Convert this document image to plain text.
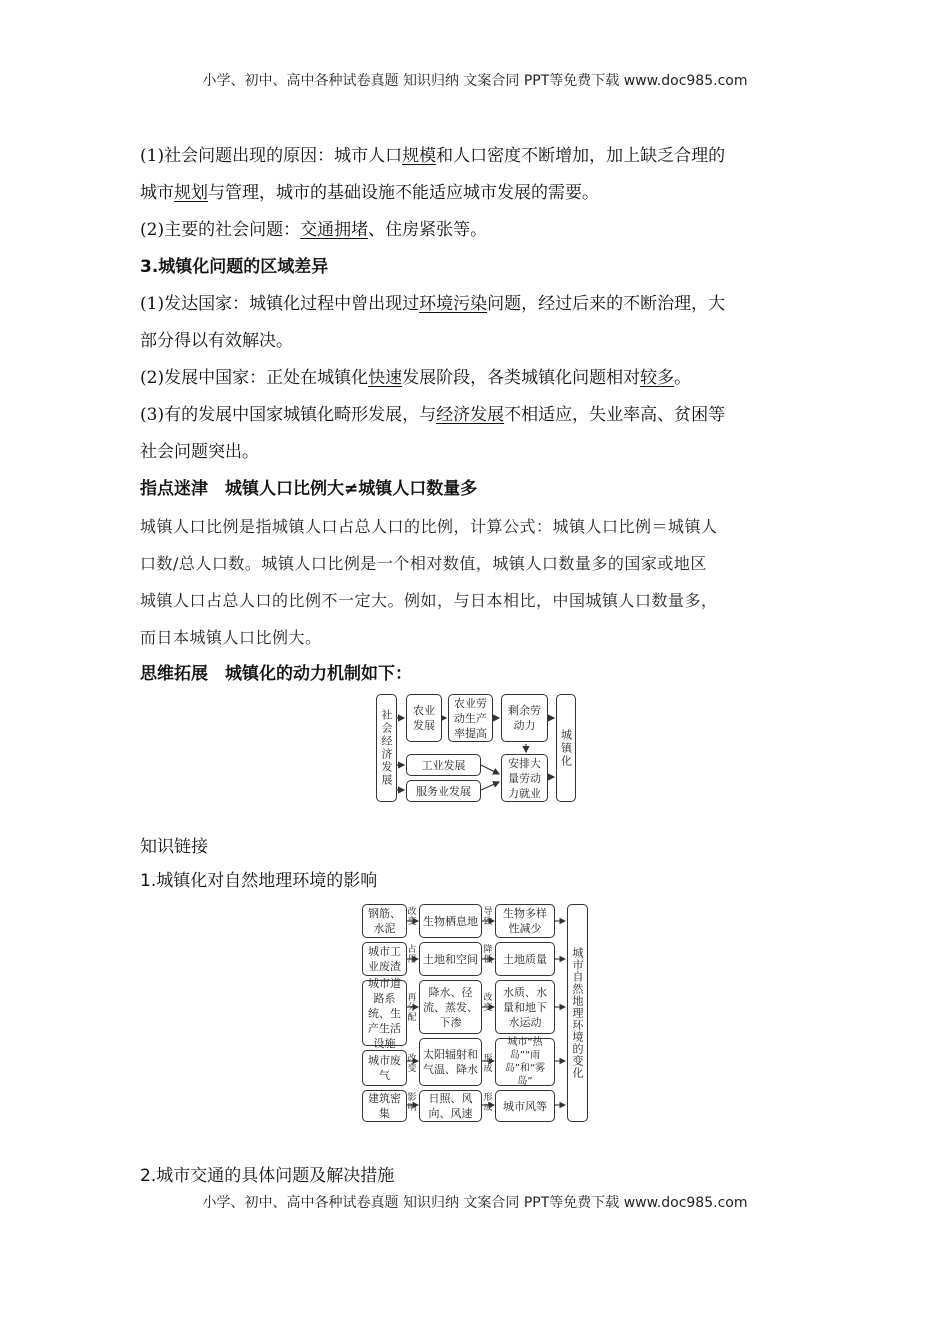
小学、初中、高中各种试卷真题 知识归纳 文案合同 PPT等免费下载 www.doc985.com

(1)社会问题出现的原因：城市人口规模和人口密度不断增加，加上缺乏合理的
城市规划与管理，城市的基础设施不能适应城市发展的需要。

(2)主要的社会问题：交通拥堵、住房紧张等。

3.城镇化问题的区域差异

(1)发达国家：城镇化过程中曾出现过环境污染问题，经过后来的不断治理，大
部分得以有效解决。

(2)发展中国家：正处在城镇化快速发展阶段，各类城镇化问题相对较多。

(3)有的发展中国家城镇化畸形发展，与经济发展不相适应，失业率高、贫困等
社会问题突出。

指点迷津　城镇人口比例大≠城镇人口数量多

城镇人口比例是指城镇人口占总人口的比例，计算公式：城镇人口比例＝城镇人

口数/总人口数。城镇人口比例是一个相对数值，城镇人口数量多的国家或地区

城镇人口占总人口的比例不一定大。例如，与日本相比，中国城镇人口数量多，

而日本城镇人口比例大。

思维拓展　城镇化的动力机制如下：

社会经济发展	农业发展
农业劳动生产率提高
剩余劳动力
城镇化
工业发展
服务业发展
安排大量劳动力就业

知识链接

1.城镇化对自然地理环境的影响

钢筋、水泥
改变 生物栖息地
导致
生物多样性减少
城市工业废渣
占用 土地和空间
降低 土地质量
城市道路系统、生产生活设施
再分配
降水、径流、蒸发、下渗
改变
水质、水量和地下水运动
城市废气
改变
太阳辐射和气温、降水
形成
城市“热岛”“雨岛”和“雾岛”
建筑密集
影响
日照、风向、风速
形成 城市风等
城市自然地理环境的变化

2.城市交通的具体问题及解决措施

小学、初中、高中各种试卷真题 知识归纳 文案合同 PPT等免费下载 www.doc985.com
